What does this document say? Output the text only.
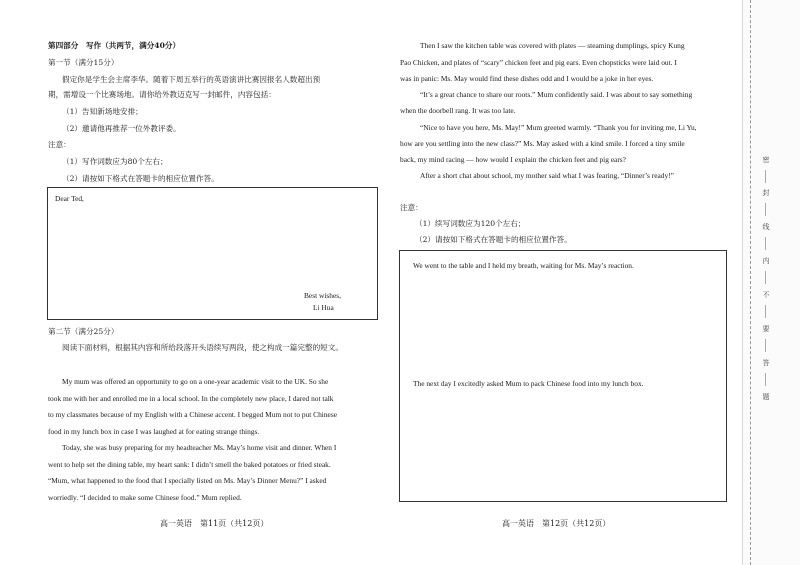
第四部分　写作（共两节，满分40分）
第一节（满分15分）
假定你是学生会主席李华。随着下周五举行的英语演讲比赛因报名人数超出预
期，需增设一个比赛场地。请你给外教迈克写一封邮件，内容包括：
（1）告知新场地安排；
（2）邀请他再推荐一位外教评委。
注意：
（1）写作词数应为80个左右；
（2）请按如下格式在答题卡的相应位置作答。
Dear Ted,
Best wishes,
Li Hua
第二节（满分25分）
阅读下面材料，根据其内容和所给段落开头语续写两段，使之构成一篇完整的短文。
My mum was offered an opportunity to go on a one-year academic visit to the UK. So she
took me with her and enrolled me in a local school. In the completely new place, I dared not talk
to my classmates because of my English with a Chinese accent. I begged Mum not to put Chinese
food in my lunch box in case I was laughed at for eating strange things.
Today, she was busy preparing for my headteacher Ms. May’s home visit and dinner. When I
went to help set the dining table, my heart sank: I didn’t smell the baked potatoes or fried steak.
“Mum, what happened to the food that I specially listed on Ms. May’s Dinner Menu?” I asked
worriedly. “I decided to make some Chinese food.” Mum replied.
高一英语　第11页（共12页）
Then I saw the kitchen table was covered with plates — steaming dumplings, spicy Kung
Pao Chicken, and plates of “scary” chicken feet and pig ears. Even chopsticks were laid out. I
was in panic: Ms. May would find these dishes odd and I would be a joke in her eyes.
“It’s a great chance to share our roots.” Mum confidently said. I was about to say something
when the doorbell rang. It was too late.
“Nice to have you here, Ms. May!” Mum greeted warmly. “Thank you for inviting me, Li Yu,
how are you settling into the new class?” Ms. May asked with a kind smile. I forced a tiny smile
back, my mind racing — how would I explain the chicken feet and pig ears?
After a short chat about school, my mother said what I was fearing, “Dinner’s ready!”
注意：
（1）续写词数应为120个左右；
（2）请按如下格式在答题卡的相应位置作答。
We went to the table and I held my breath, waiting for Ms. May’s reaction.
The next day I excitedly asked Mum to pack Chinese food into my lunch box.
高一英语　第12页（共12页）
密
封
线
内
不
要
答
题
